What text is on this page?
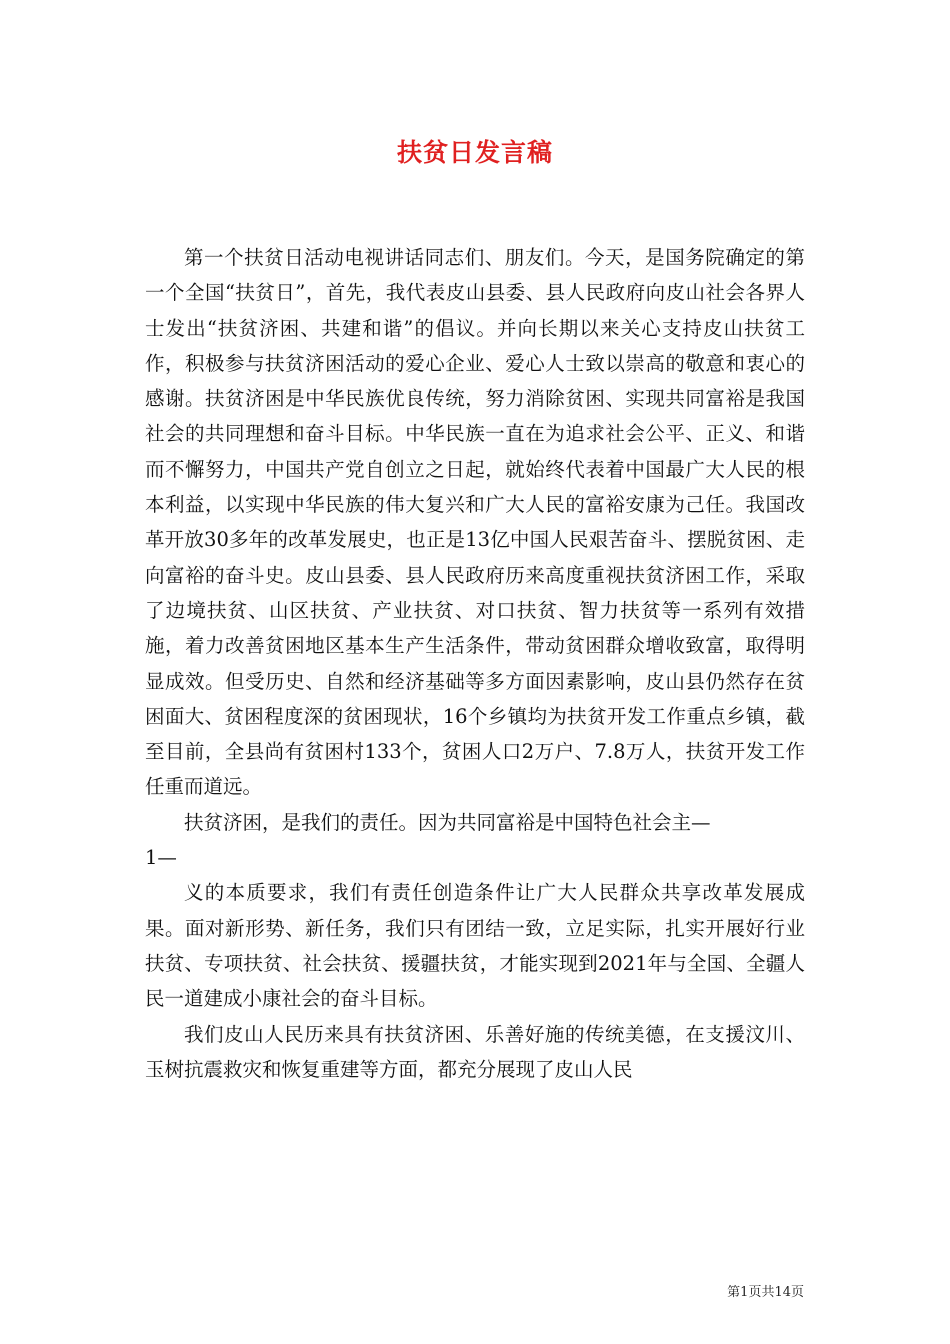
扶贫日发言稿

第一个扶贫日活动电视讲话同志们、朋友们。今天，是国务院确定的第一个全国“扶贫日”，首先，我代表皮山县委、县人民政府向皮山社会各界人士发出“扶贫济困、共建和谐”的倡议。并向长期以来关心支持皮山扶贫工作，积极参与扶贫济困活动的爱心企业、爱心人士致以崇高的敬意和衷心的感谢。扶贫济困是中华民族优良传统，努力消除贫困、实现共同富裕是我国社会的共同理想和奋斗目标。中华民族一直在为追求社会公平、正义、和谐而不懈努力，中国共产党自创立之日起，就始终代表着中国最广大人民的根本利益，以实现中华民族的伟大复兴和广大人民的富裕安康为己任。我国改革开放30多年的改革发展史，也正是13亿中国人民艰苦奋斗、摆脱贫困、走向富裕的奋斗史。皮山县委、县人民政府历来高度重视扶贫济困工作，采取了边境扶贫、山区扶贫、产业扶贫、对口扶贫、智力扶贫等一系列有效措施，着力改善贫困地区基本生产生活条件，带动贫困群众增收致富，取得明显成效。但受历史、自然和经济基础等多方面因素影响，皮山县仍然存在贫困面大、贫困程度深的贫困现状，16个乡镇均为扶贫开发工作重点乡镇，截至目前，全县尚有贫困村133个，贫困人口2万户、7.8万人，扶贫开发工作任重而道远。

扶贫济困，是我们的责任。因为共同富裕是中国特色社会主—

1—

义的本质要求，我们有责任创造条件让广大人民群众共享改革发展成果。面对新形势、新任务，我们只有团结一致，立足实际，扎实开展好行业扶贫、专项扶贫、社会扶贫、援疆扶贫，才能实现到2021年与全国、全疆人民一道建成小康社会的奋斗目标。

我们皮山人民历来具有扶贫济困、乐善好施的传统美德，在支援汶川、玉树抗震救灾和恢复重建等方面，都充分展现了皮山人民

第1页共14页
